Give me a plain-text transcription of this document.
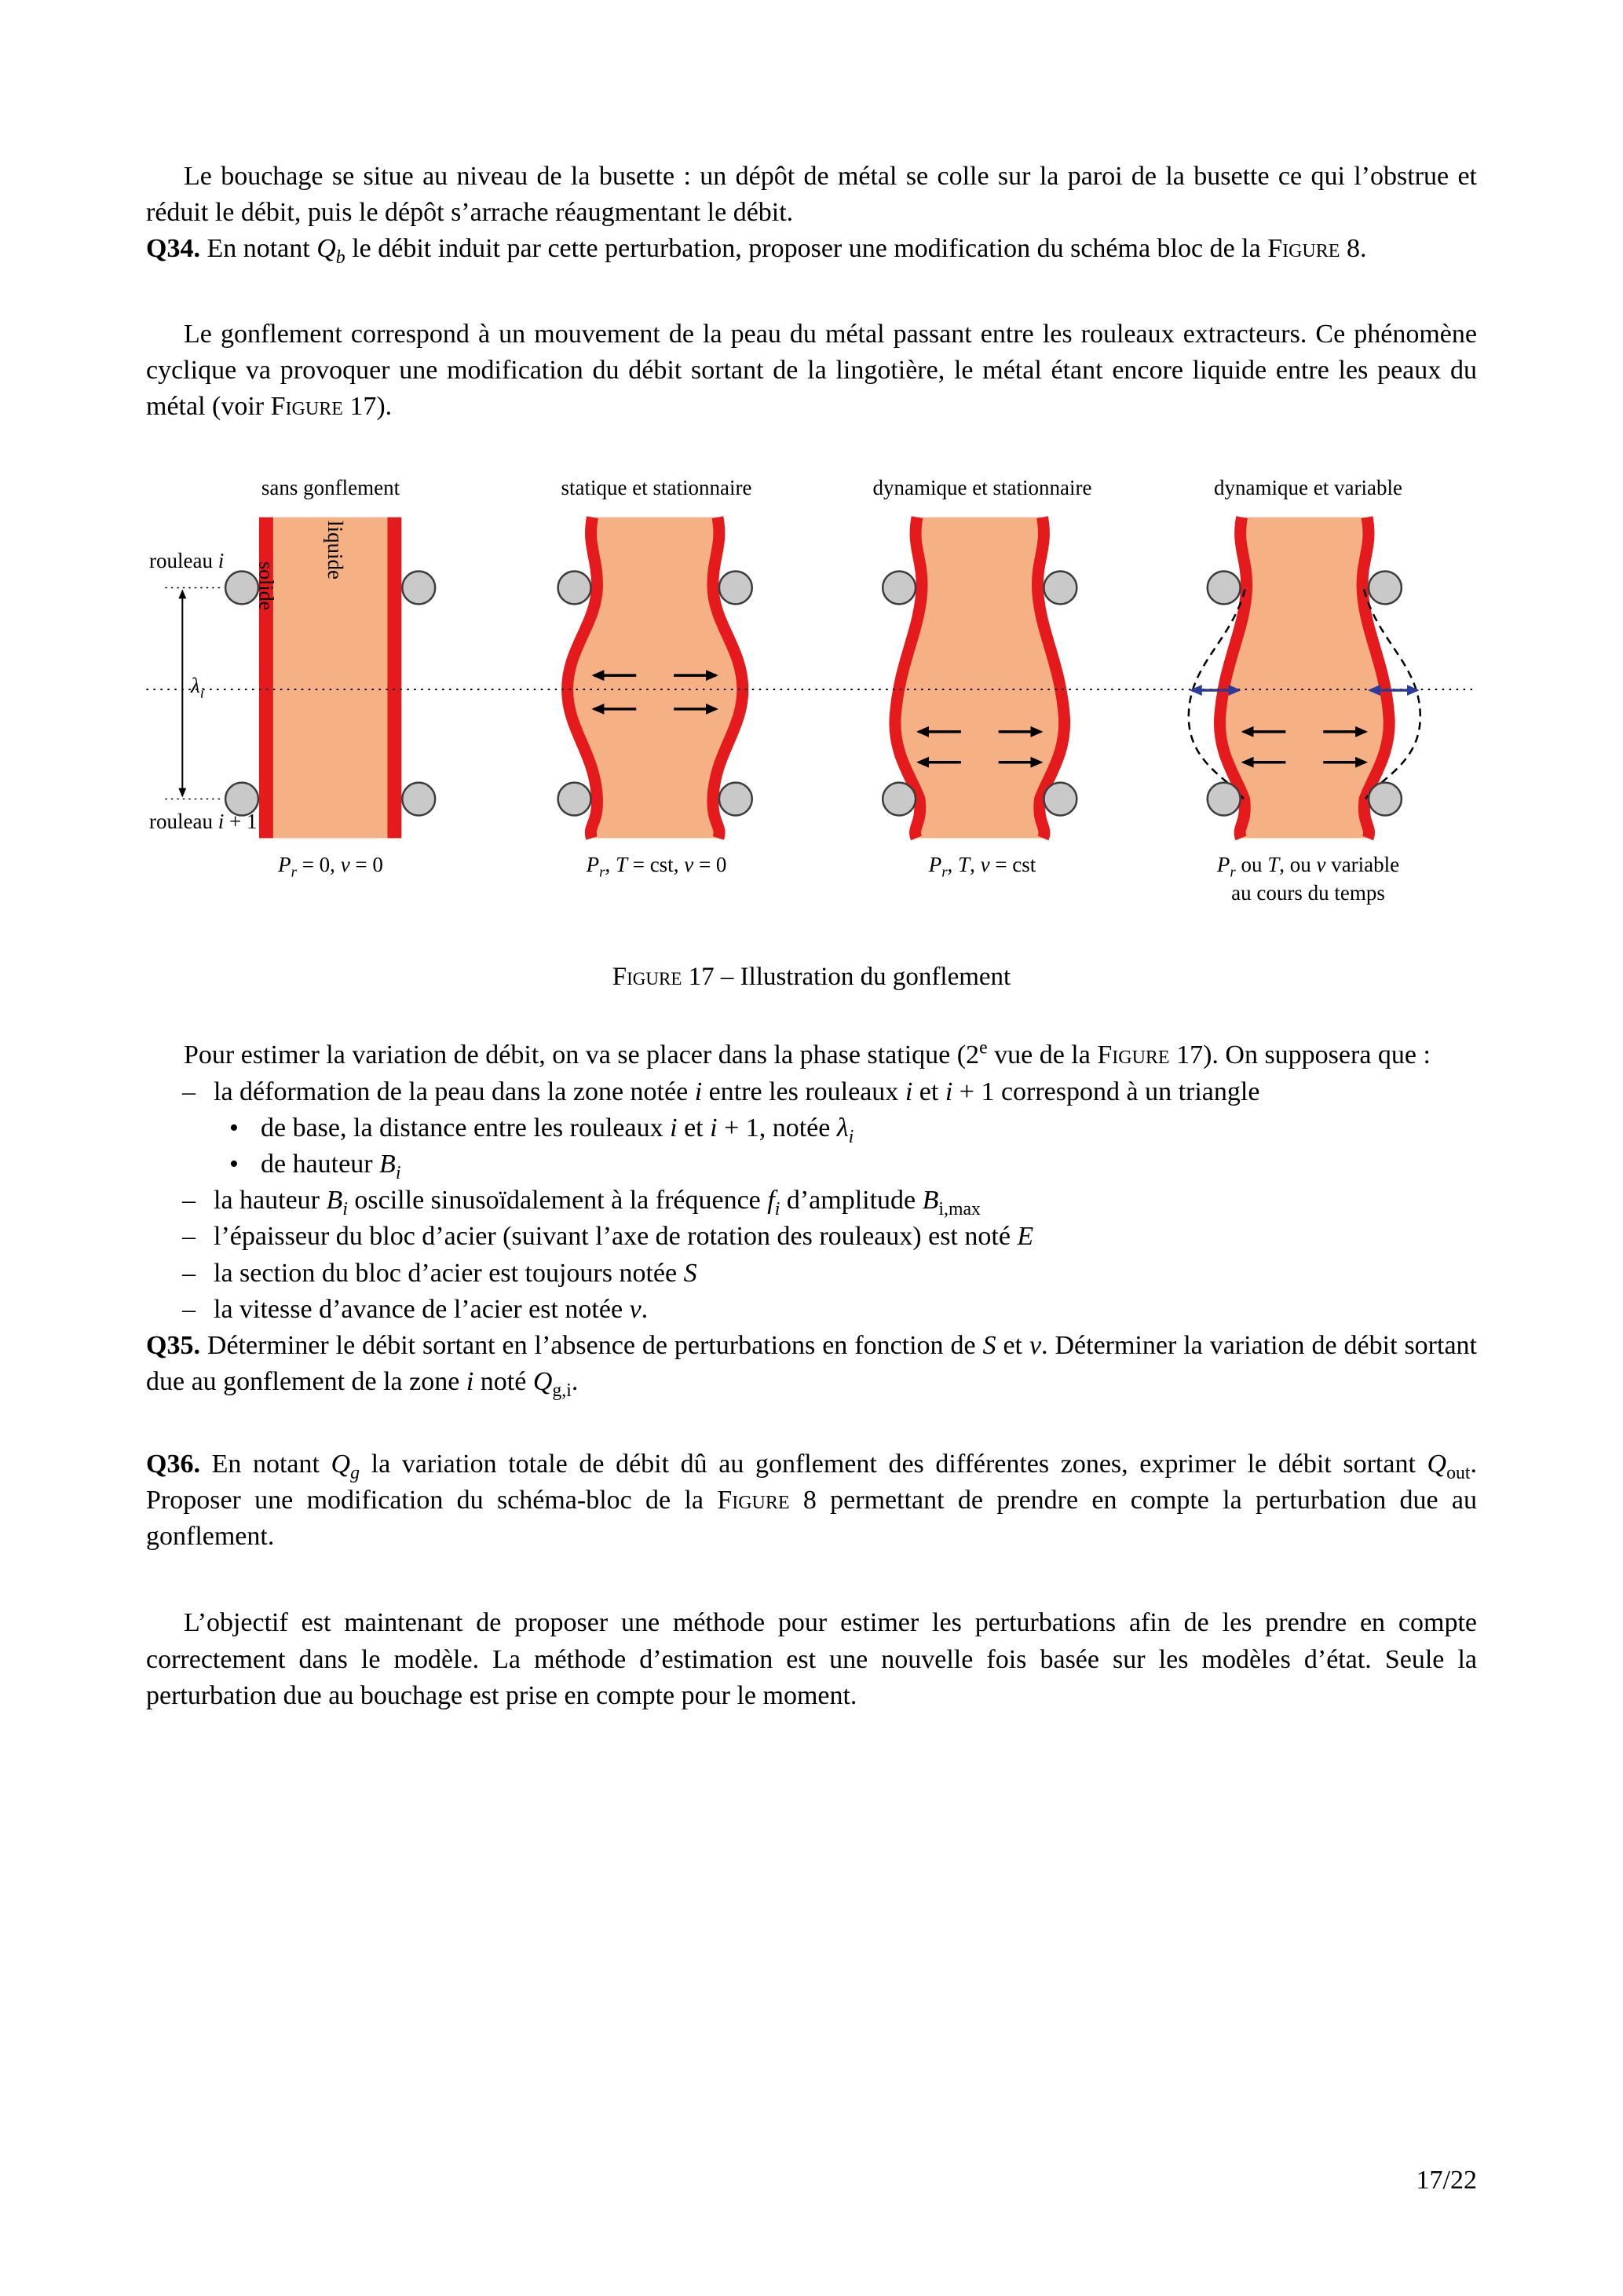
Le bouchage se situe au niveau de la busette : un dépôt de métal se colle sur la paroi de la busette ce qui l’obstrue et réduit le débit, puis le dépôt s’arrache réaugmentant le débit.

Q34. En notant $Q_b$ le débit induit par cette perturbation, proposer une modification du schéma bloc de la Figure 8.

Le gonflement correspond à un mouvement de la peau du métal passant entre les rouleaux extracteurs. Ce phénomène cyclique va provoquer une modification du débit sortant de la lingotière, le métal étant encore liquide entre les peaux du métal (voir Figure 17).

sans gonflement	statique et stationnaire	dynamique et stationnaire	dynamique et variable
rouleau i
rouleau i + 1
$\lambda_i$
liquide
solide
$P_r = 0$, v = 0	$P_r$, T = cst, v = 0	$P_r$, T, v = cst	$P_r$ ou T, ou v variable
au cours du temps

Figure 17 – Illustration du gonflement

Pour estimer la variation de débit, on va se placer dans la phase statique (2e vue de la Figure 17). On supposera que :

– la déformation de la peau dans la zone notée i entre les rouleaux i et i + 1 correspond à un triangle
• de base, la distance entre les rouleaux i et i + 1, notée $\lambda_i$
• de hauteur $B_i$
– la hauteur $B_i$ oscille sinusoïdalement à la fréquence $f_i$ d’amplitude $B_{i,max}$
– l’épaisseur du bloc d’acier (suivant l’axe de rotation des rouleaux) est noté E
– la section du bloc d’acier est toujours notée S
– la vitesse d’avance de l’acier est notée v.

Q35. Déterminer le débit sortant en l’absence de perturbations en fonction de S et v. Déterminer la variation de débit sortant due au gonflement de la zone i noté $Q_{g,i}$.

Q36. En notant $Q_g$ la variation totale de débit dû au gonflement des différentes zones, exprimer le débit sortant $Q_{out}$. Proposer une modification du schéma-bloc de la Figure 8 permettant de prendre en compte la perturbation due au gonflement.

L’objectif est maintenant de proposer une méthode pour estimer les perturbations afin de les prendre en compte correctement dans le modèle. La méthode d’estimation est une nouvelle fois basée sur les modèles d’état. Seule la perturbation due au bouchage est prise en compte pour le moment.

17/22
